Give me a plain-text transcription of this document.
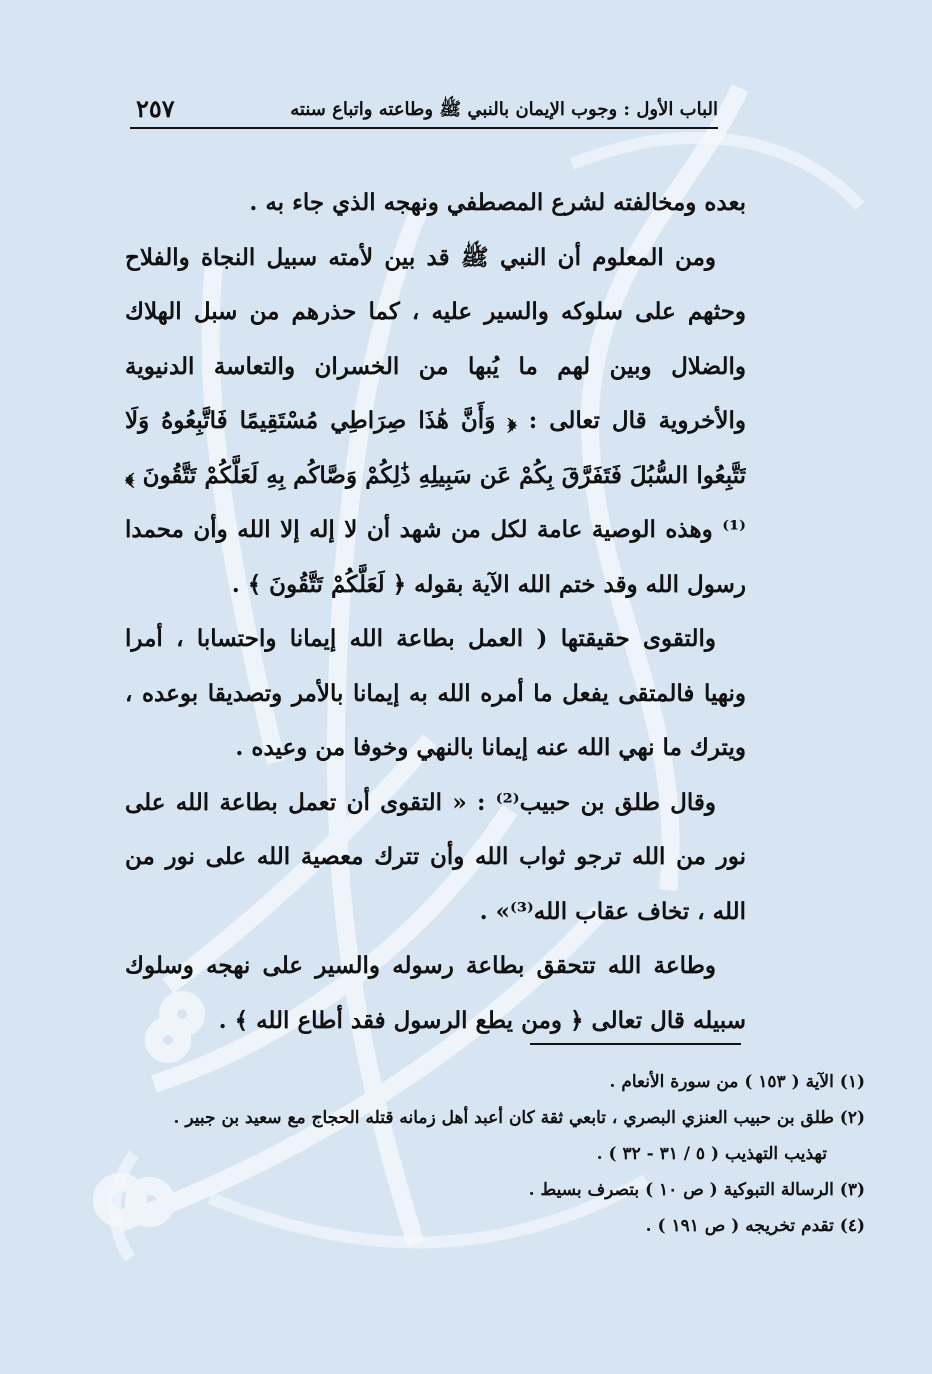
الباب الأول : وجوب الإيمان بالنبي ﷺ وطاعته واتباع سنته
٢٥٧

بعده ومخالفته لشرع المصطفي ونهجه الذي جاء به .

ومن المعلوم أن النبي ﷺ قد بين لأمته سبيل النجاة والفلاح وحثهم على سلوكه والسير عليه ، كما حذرهم من سبل الهلاك والضلال وبين لهم ما يُبها من الخسران والتعاسة الدنيوية والأخروية قال تعالى : ﴿ وَأَنَّ هَٰذَا صِرَاطِي مُسْتَقِيمًا فَاتَّبِعُوهُ وَلَا تَتَّبِعُوا السُّبُلَ فَتَفَرَّقَ بِكُمْ عَن سَبِيلِهِ ذَٰلِكُمْ وَصَّاكُم بِهِ لَعَلَّكُمْ تَتَّقُونَ ﴾⁽¹⁾ وهذه الوصية عامة لكل من شهد أن لا إله إلا الله وأن محمدا رسول الله وقد ختم الله الآية بقوله ﴿ لَعَلَّكُمْ تَتَّقُونَ ﴾ .

والتقوى حقيقتها ( العمل بطاعة الله إيمانا واحتسابا ، أمرا ونهيا فالمتقى يفعل ما أمره الله به إيمانا بالأمر وتصديقا بوعده ، ويترك ما نهي الله عنه إيمانا بالنهي وخوفا من وعيده .

وقال طلق بن حبيب⁽²⁾ : « التقوى أن تعمل بطاعة الله على نور من الله ترجو ثواب الله وأن تترك معصية الله على نور من الله ، تخاف عقاب الله⁽³⁾» .

وطاعة الله تتحقق بطاعة رسوله والسير على نهجه وسلوك سبيله قال تعالى ﴿ ومن يطع الرسول فقد أطاع الله ﴾ .

(١) الآية ( ١٥٣ ) من سورة الأنعام .

(٢) طلق بن حبيب العنزي البصري ، تابعي ثقة كان أعبد أهل زمانه قتله الحجاج مع سعيد بن جبير .

تهذيب التهذيب ( ٥ / ٣١ - ٣٢ ) .

(٣) الرسالة التبوكية ( ص ١٠ ) بتصرف بسيط .

(٤) تقدم تخريجه ( ص ١٩١ ) .
